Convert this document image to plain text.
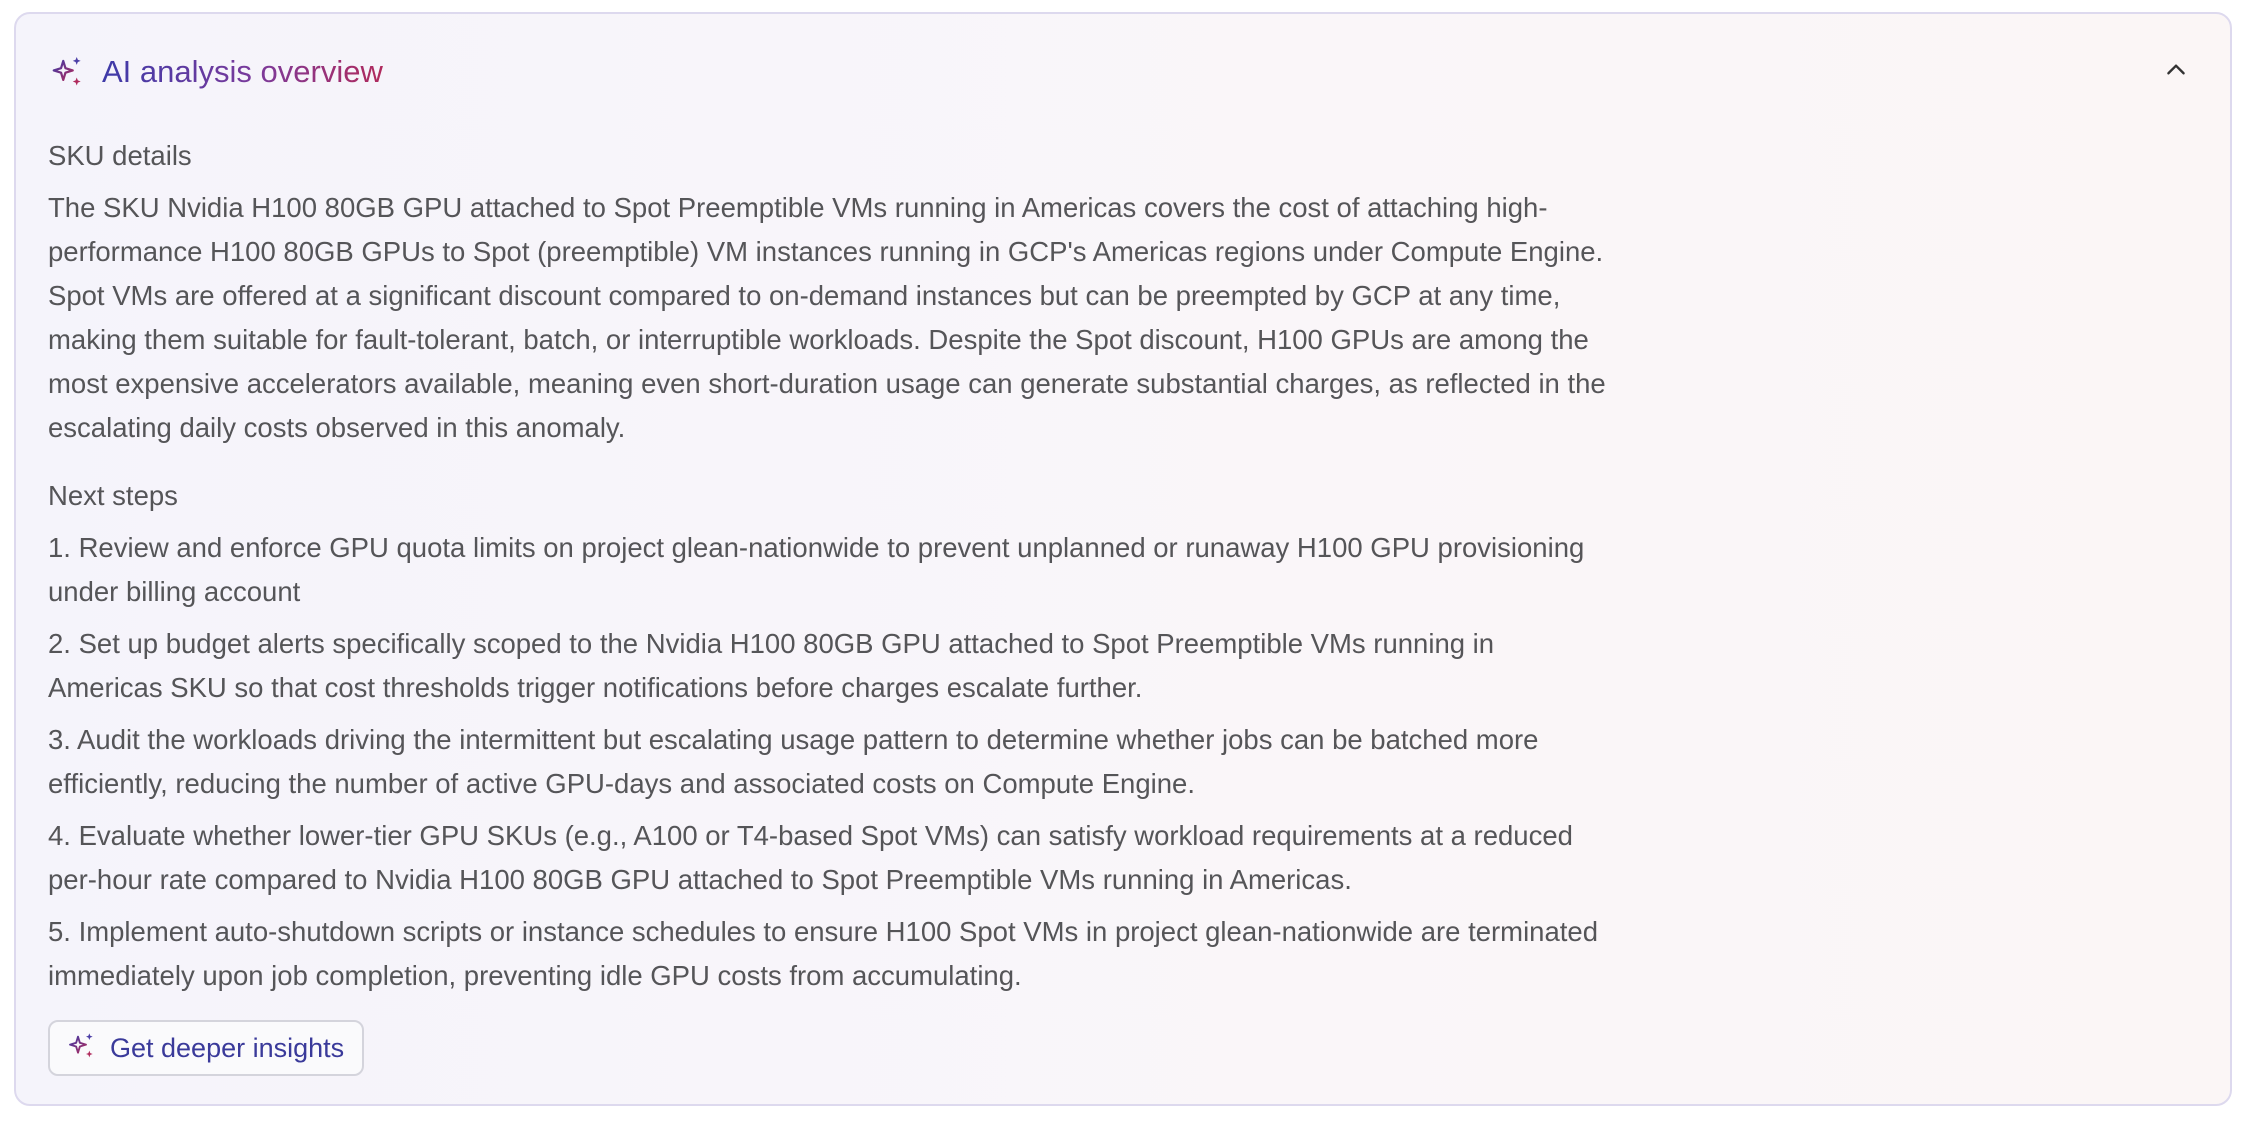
AI analysis overview
SKU details

The SKU Nvidia H100 80GB GPU attached to Spot Preemptible VMs running in Americas covers the cost of attaching high-performance H100 80GB GPUs to Spot (preemptible) VM instances running in GCP's Americas regions under Compute Engine. Spot VMs are offered at a significant discount compared to on-demand instances but can be preempted by GCP at any time, making them suitable for fault-tolerant, batch, or interruptible workloads. Despite the Spot discount, H100 GPUs are among the most expensive accelerators available, meaning even short-duration usage can generate substantial charges, as reflected in the escalating daily costs observed in this anomaly.

Next steps

1. Review and enforce GPU quota limits on project glean-nationwide to prevent unplanned or runaway H100 GPU provisioning under billing account

2. Set up budget alerts specifically scoped to the Nvidia H100 80GB GPU attached to Spot Preemptible VMs running in Americas SKU so that cost thresholds trigger notifications before charges escalate further.

3. Audit the workloads driving the intermittent but escalating usage pattern to determine whether jobs can be batched more efficiently, reducing the number of active GPU-days and associated costs on Compute Engine.

4. Evaluate whether lower-tier GPU SKUs (e.g., A100 or T4-based Spot VMs) can satisfy workload requirements at a reduced per-hour rate compared to Nvidia H100 80GB GPU attached to Spot Preemptible VMs running in Americas.

5. Implement auto-shutdown scripts or instance schedules to ensure H100 Spot VMs in project glean-nationwide are terminated immediately upon job completion, preventing idle GPU costs from accumulating.

Get deeper insights
